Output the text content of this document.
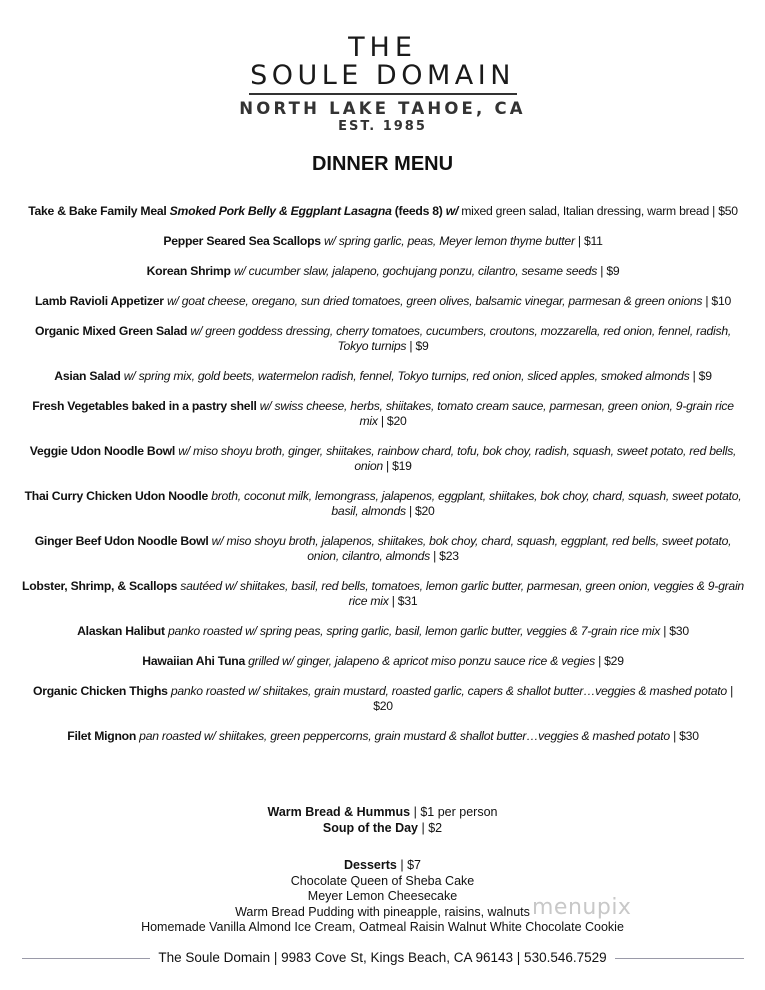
THE
SOULE DOMAIN
NORTH LAKE TAHOE, CA
EST. 1985
DINNER MENU
Take & Bake Family Meal Smoked Pork Belly & Eggplant Lasagna (feeds 8) w/ mixed green salad, Italian dressing, warm bread | $50
Pepper Seared Sea Scallops w/ spring garlic, peas, Meyer lemon thyme butter | $11
Korean Shrimp w/ cucumber slaw, jalapeno, gochujang ponzu, cilantro, sesame seeds | $9
Lamb Ravioli Appetizer w/ goat cheese, oregano, sun dried tomatoes, green olives, balsamic vinegar, parmesan & green onions | $10
Organic Mixed Green Salad w/ green goddess dressing, cherry tomatoes, cucumbers, croutons, mozzarella, red onion, fennel, radish, Tokyo turnips | $9
Asian Salad w/ spring mix, gold beets, watermelon radish, fennel, Tokyo turnips, red onion, sliced apples, smoked almonds | $9
Fresh Vegetables baked in a pastry shell w/ swiss cheese, herbs, shiitakes, tomato cream sauce, parmesan, green onion, 9-grain rice mix | $20
Veggie Udon Noodle Bowl w/ miso shoyu broth, ginger, shiitakes, rainbow chard, tofu, bok choy, radish, squash, sweet potato, red bells, onion | $19
Thai Curry Chicken Udon Noodle broth, coconut milk, lemongrass, jalapenos, eggplant, shiitakes, bok choy, chard, squash, sweet potato, basil, almonds | $20
Ginger Beef Udon Noodle Bowl w/ miso shoyu broth, jalapenos, shiitakes, bok choy, chard, squash, eggplant, red bells, sweet potato, onion, cilantro, almonds | $23
Lobster, Shrimp, & Scallops sautéed w/ shiitakes, basil, red bells, tomatoes, lemon garlic butter, parmesan, green onion, veggies & 9-grain rice mix | $31
Alaskan Halibut panko roasted w/ spring peas, spring garlic, basil, lemon garlic butter, veggies & 7-grain rice mix | $30
Hawaiian Ahi Tuna grilled w/ ginger, jalapeno & apricot miso ponzu sauce rice & vegies | $29
Organic Chicken Thighs panko roasted w/ shiitakes, grain mustard, roasted garlic, capers & shallot butter…veggies & mashed potato | $20
Filet Mignon pan roasted w/ shiitakes, green peppercorns, grain mustard & shallot butter…veggies & mashed potato | $30
Warm Bread & Hummus | $1 per person
Soup of the Day | $2
Desserts | $7
Chocolate Queen of Sheba Cake
Meyer Lemon Cheesecake
Warm Bread Pudding with pineapple, raisins, walnuts
Homemade Vanilla Almond Ice Cream, Oatmeal Raisin Walnut White Chocolate Cookie
menupix
The Soule Domain | 9983 Cove St, Kings Beach, CA 96143 | 530.546.7529
